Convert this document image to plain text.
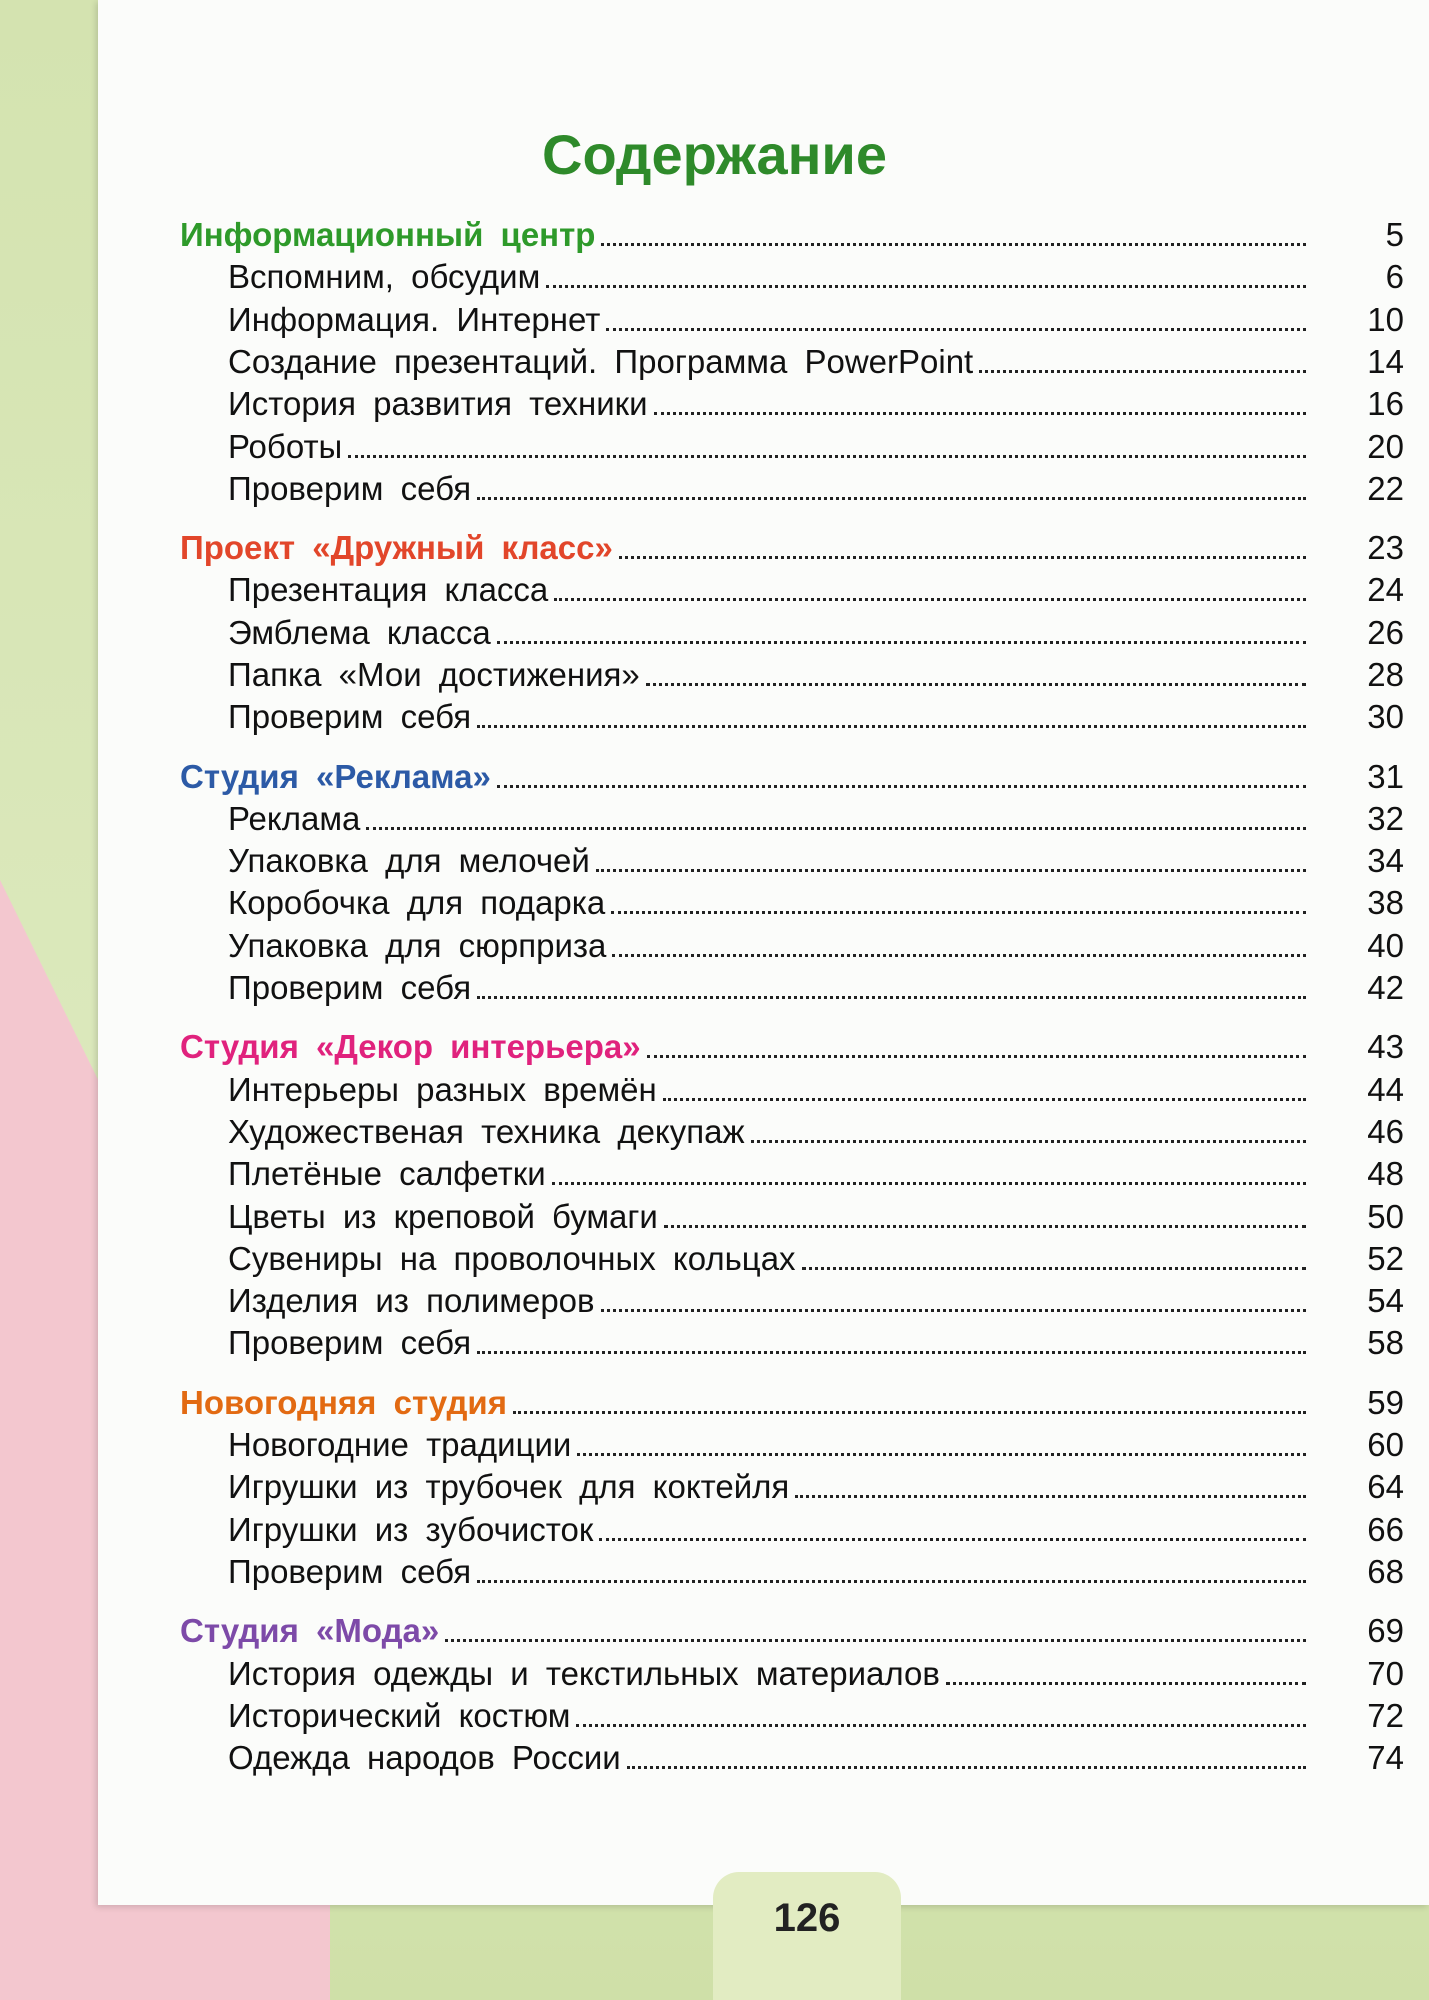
Содержание
Информационный центр	5
Вспомним, обсудим	6
Информация. Интернет	10
Создание презентаций. Программа PowerPoint	14
История развития техники	16
Роботы	20
Проверим себя	22
Проект «Дружный класс»	23
Презентация класса	24
Эмблема класса	26
Папка «Мои достижения»	28
Проверим себя	30
Студия «Реклама»	31
Реклама	32
Упаковка для мелочей	34
Коробочка для подарка	38
Упаковка для сюрприза	40
Проверим себя	42
Студия «Декор интерьера»	43
Интерьеры разных времён	44
Художественая техника декупаж	46
Плетёные салфетки	48
Цветы из креповой бумаги	50
Сувениры на проволочных кольцах	52
Изделия из полимеров	54
Проверим себя	58
Новогодняя студия	59
Новогодние традиции	60
Игрушки из трубочек для коктейля	64
Игрушки из зубочисток	66
Проверим себя	68
Студия «Мода»	69
История одежды и текстильных материалов	70
Исторический костюм	72
Одежда народов России	74
126
